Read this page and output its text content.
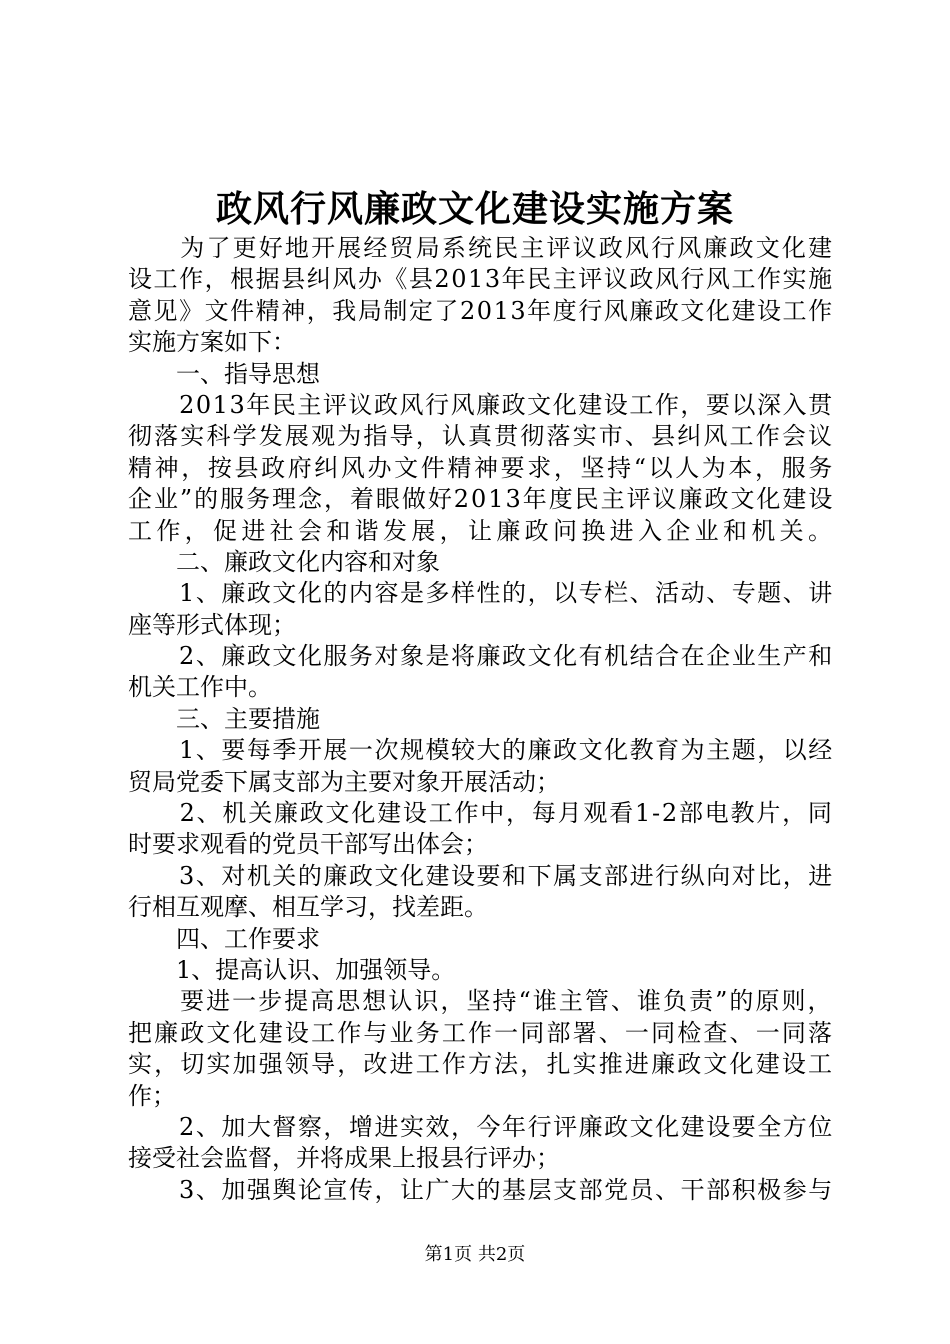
政风行风廉政文化建设实施方案
　　为了更好地开展经贸局系统民主评议政风行风廉政文化建
设工作，根据县纠风办《县2013年民主评议政风行风工作实施
意见》文件精神，我局制定了2013年度行风廉政文化建设工作
实施方案如下：
　　一、指导思想
　　2013年民主评议政风行风廉政文化建设工作，要以深入贯
彻落实科学发展观为指导，认真贯彻落实市、县纠风工作会议
精神，按县政府纠风办文件精神要求，坚持“以人为本，服务
企业”的服务理念，着眼做好2013年度民主评议廉政文化建设
工作，促进社会和谐发展，让廉政问换进入企业和机关。
　　二、廉政文化内容和对象
　　1、廉政文化的内容是多样性的，以专栏、活动、专题、讲
座等形式体现；
　　2、廉政文化服务对象是将廉政文化有机结合在企业生产和
机关工作中。
　　三、主要措施
　　1、要每季开展一次规模较大的廉政文化教育为主题，以经
贸局党委下属支部为主要对象开展活动；
　　2、机关廉政文化建设工作中，每月观看1-2部电教片，同
时要求观看的党员干部写出体会；
　　3、对机关的廉政文化建设要和下属支部进行纵向对比，进
行相互观摩、相互学习，找差距。
　　四、工作要求
　　1、提高认识、加强领导。
　　要进一步提高思想认识，坚持“谁主管、谁负责”的原则，
把廉政文化建设工作与业务工作一同部署、一同检查、一同落
实，切实加强领导，改进工作方法，扎实推进廉政文化建设工
作；
　　2、加大督察，增进实效，今年行评廉政文化建设要全方位
接受社会监督，并将成果上报县行评办；
　　3、加强舆论宣传，让广大的基层支部党员、干部积极参与
第1页 共2页
